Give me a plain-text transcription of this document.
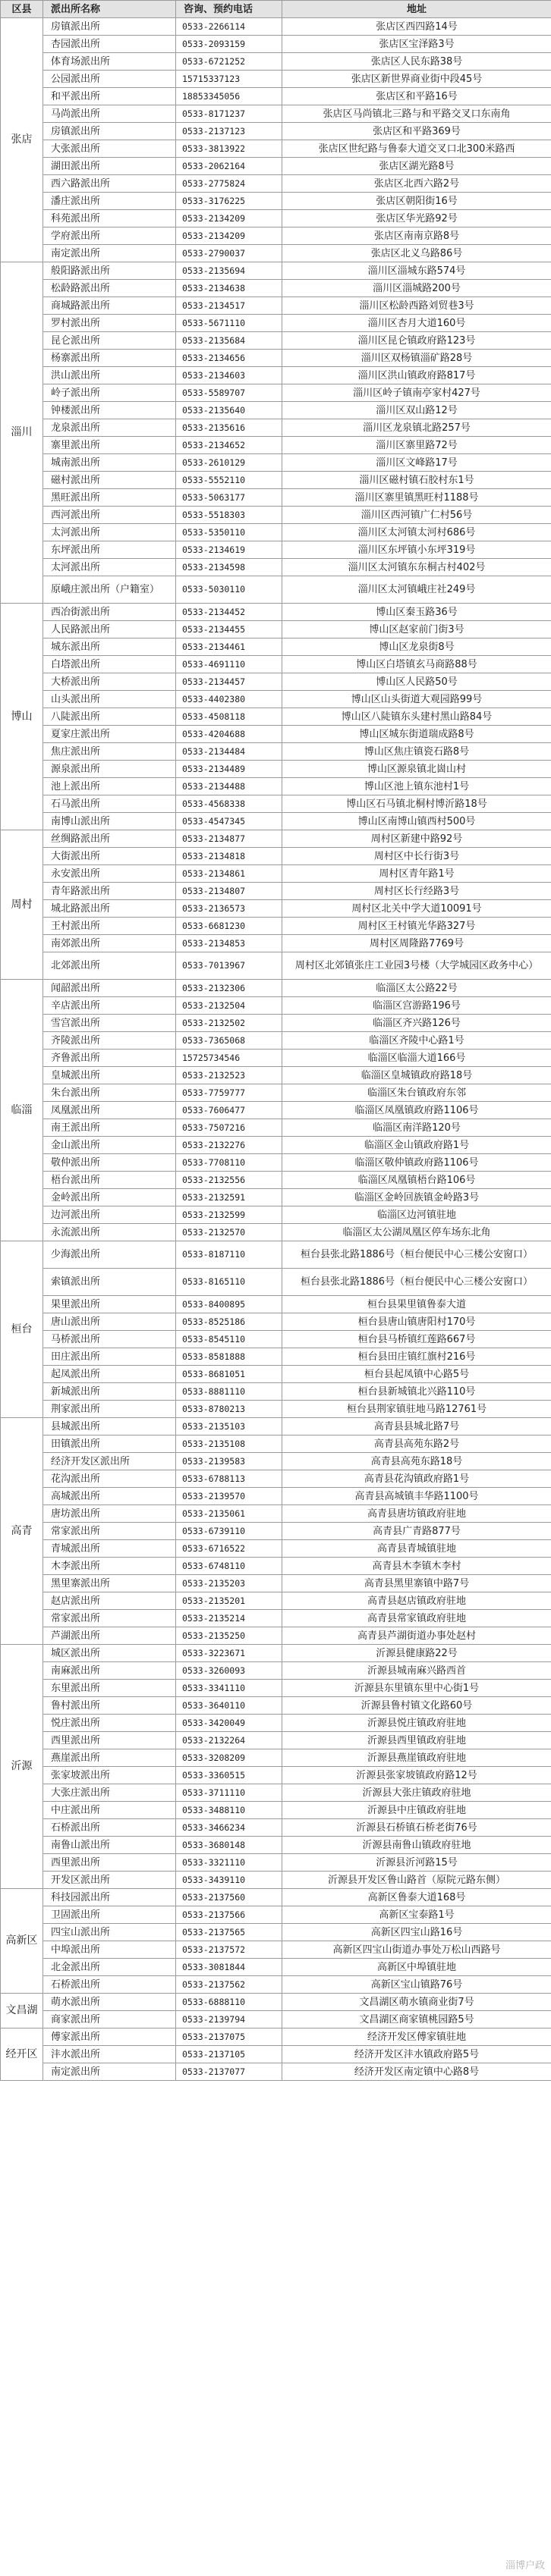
区县	派出所名称	咨询、预约电话	地址
张店	房镇派出所	0533-2266114	张店区西四路14号
	杏园派出所	0533-2093159	张店区宝泽路3号
	体育场派出所	0533-6721252	张店区人民东路38号
	公园派出所	15715337123	张店区新世界商业街中段45号
	和平派出所	18853345056	张店区和平路16号
	马尚派出所	0533-8171237	张店区马尚镇北三路与和平路交叉口东南角
	房镇派出所	0533-2137123	张店区和平路369号
	大张派出所	0533-3813922	张店区世纪路与鲁泰大道交叉口北300米路西
	湖田派出所	0533-2062164	张店区湖光路8号
	西六路派出所	0533-2775824	张店区北西六路2号
	潘庄派出所	0533-3176225	张店区朝阳街16号
	科苑派出所	0533-2134209	张店区华光路92号
	学府派出所	0533-2134209	张店区南南京路8号
	南定派出所	0533-2790037	张店区北义乌路86号
淄川	般阳路派出所	0533-2135694	淄川区淄城东路574号
	松龄路派出所	0533-2134638	淄川区淄城路200号
	商城路派出所	0533-2134517	淄川区松龄西路刘贸巷3号
	罗村派出所	0533-5671110	淄川区杏月大道160号
	昆仑派出所	0533-2135684	淄川区昆仑镇政府路123号
	杨寨派出所	0533-2134656	淄川区双杨镇淄矿路28号
	洪山派出所	0533-2134603	淄川区洪山镇政府路817号
	岭子派出所	0533-5589707	淄川区岭子镇南亭家村427号
	钟楼派出所	0533-2135640	淄川区双山路12号
	龙泉派出所	0533-2135616	淄川区龙泉镇北路257号
	寨里派出所	0533-2134652	淄川区寨里路72号
	城南派出所	0533-2610129	淄川区文峰路17号
	磁村派出所	0533-5552110	淄川区磁村镇石胶村东1号
	黑旺派出所	0533-5063177	淄川区寨里镇黑旺村1188号
	西河派出所	0533-5518303	淄川区西河镇广仁村56号
	太河派出所	0533-5350110	淄川区太河镇太河村686号
	东坪派出所	0533-2134619	淄川区东坪镇小东坪319号
	太河派出所	0533-2134598	淄川区太河镇东东桐古村402号
	原峨庄派出所（户籍室）	0533-5030110	淄川区太河镇峨庄社249号
博山	西冶街派出所	0533-2134452	博山区秦玉路36号
	人民路派出所	0533-2134455	博山区赵家前门街3号
	城东派出所	0533-2134461	博山区龙泉街8号
	白塔派出所	0533-4691110	博山区白塔镇玄马商路88号
	大桥派出所	0533-2134457	博山区人民路50号
	山头派出所	0533-4402380	博山区山头街道大观园路99号
	八陡派出所	0533-4508118	博山区八陡镇东头建村黑山路84号
	夏家庄派出所	0533-4204688	博山区城东街道瑞成路8号
	焦庄派出所	0533-2134484	博山区焦庄镇瓷石路8号
	源泉派出所	0533-2134489	博山区源泉镇北崮山村
	池上派出所	0533-2134488	博山区池上镇东池村1号
	石马派出所	0533-4568338	博山区石马镇北桐村博沂路18号
	南博山派出所	0533-4547345	博山区南博山镇西村500号
周村	丝绸路派出所	0533-2134877	周村区新建中路92号
	大街派出所	0533-2134818	周村区中长行街3号
	永安派出所	0533-2134861	周村区青年路1号
	青年路派出所	0533-2134807	周村区长行经路3号
	城北路派出所	0533-2136573	周村区北关中学大道10091号
	王村派出所	0533-6681230	周村区王村镇光华路327号
	南郊派出所	0533-2134853	周村区周隆路7769号
	北郊派出所	0533-7013967	周村区北郊镇张庄工业园3号楼（大学城园区政务中心）
临淄	闻韶派出所	0533-2132306	临淄区太公路22号
	辛店派出所	0533-2132504	临淄区宫游路196号
	雪宫派出所	0533-2132502	临淄区齐兴路126号
	齐陵派出所	0533-7365068	临淄区齐陵中心路1号
	齐鲁派出所	15725734546	临淄区临淄大道166号
	皇城派出所	0533-2132523	临淄区皇城镇政府路18号
	朱台派出所	0533-7759777	临淄区朱台镇政府东邻
	凤凰派出所	0533-7606477	临淄区凤凰镇政府路1106号
	南王派出所	0533-7507216	临淄区南洋路120号
	金山派出所	0533-2132276	临淄区金山镇政府路1号
	敬仲派出所	0533-7708110	临淄区敬仲镇政府路1106号
	梧台派出所	0533-2132556	临淄区凤凰镇梧台路106号
	金岭派出所	0533-2132591	临淄区金岭回族镇金岭路3号
	边河派出所	0533-2132599	临淄区边河镇驻地
	永流派出所	0533-2132570	临淄区太公湖凤凰区停车场东北角
桓台	少海派出所	0533-8187110	桓台县张北路1886号（桓台便民中心三楼公安窗口）
	索镇派出所	0533-8165110	桓台县张北路1886号（桓台便民中心三楼公安窗口）
	果里派出所	0533-8400895	桓台县果里镇鲁泰大道
	唐山派出所	0533-8525186	桓台县唐山镇唐阳村170号
	马桥派出所	0533-8545110	桓台县马桥镇红莲路667号
	田庄派出所	0533-8581888	桓台县田庄镇红旗村216号
	起凤派出所	0533-8681051	桓台县起凤镇中心路5号
	新城派出所	0533-8881110	桓台县新城镇北兴路110号
	荆家派出所	0533-8780213	桓台县荆家镇驻地马路12761号
高青	县城派出所	0533-2135103	高青县县城北路7号
	田镇派出所	0533-2135108	高青县高苑东路2号
	经济开发区派出所	0533-2139583	高青县高苑东路18号
	花沟派出所	0533-6788113	高青县花沟镇政府路1号
	高城派出所	0533-2139570	高青县高城镇丰华路1100号
	唐坊派出所	0533-2135061	高青县唐坊镇政府驻地
	常家派出所	0533-6739110	高青县广青路877号
	青城派出所	0533-6716522	高青县青城镇驻地
	木李派出所	0533-6748110	高青县木李镇木李村
	黑里寨派出所	0533-2135203	高青县黑里寨镇中路7号
	赵店派出所	0533-2135201	高青县赵店镇政府驻地
	常家派出所	0533-2135214	高青县常家镇政府驻地
	芦湖派出所	0533-2135250	高青县芦湖街道办事处赵村
沂源	城区派出所	0533-3223671	沂源县健康路22号
	南麻派出所	0533-3260093	沂源县城南麻兴路西首
	东里派出所	0533-3341110	沂源县东里镇东里中心街1号
	鲁村派出所	0533-3640110	沂源县鲁村镇文化路60号
	悦庄派出所	0533-3420049	沂源县悦庄镇政府驻地
	西里派出所	0533-2132264	沂源县西里镇政府驻地
	燕崖派出所	0533-3208209	沂源县燕崖镇政府驻地
	张家坡派出所	0533-3360515	沂源县张家坡镇政府路12号
	大张庄派出所	0533-3711110	沂源县大张庄镇政府驻地
	中庄派出所	0533-3488110	沂源县中庄镇政府驻地
	石桥派出所	0533-3466234	沂源县石桥镇石桥老街76号
	南鲁山派出所	0533-3680148	沂源县南鲁山镇政府驻地
	西里派出所	0533-3321110	沂源县沂河路15号
	开发区派出所	0533-3439110	沂源县开发区鲁山路首（原院元路东侧）
高新区	科技园派出所	0533-2137560	高新区鲁泰大道168号
	卫固派出所	0533-2137566	高新区宝泰路1号
	四宝山派出所	0533-2137565	高新区四宝山路16号
	中埠派出所	0533-2137572	高新区四宝山街道办事处万松山西路号
	北金派出所	0533-3081844	高新区中埠镇驻地
	石桥派出所	0533-2137562	高新区宝山镇路76号
文昌湖	萌水派出所	0533-6888110	文昌湖区萌水镇商业街7号
	商家派出所	0533-2139794	文昌湖区商家镇桃园路5号
经开区	傅家派出所	0533-2137075	经济开发区傅家镇驻地
	沣水派出所	0533-2137105	经济开发区沣水镇政府路5号
	南定派出所	0533-2137077	经济开发区南定镇中心路8号
淄博户政
